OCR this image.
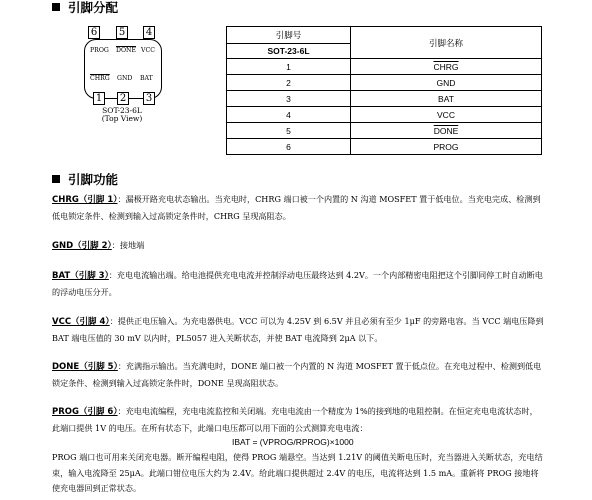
引脚分配
6 5 4
PROG DONE VCC
CHRG GND BAT
1 2 3
SOT-23-6L
(Top View)
引脚号	引脚名称
SOT-23-6L	
1	CHRG
2	GND
3	BAT
4	VCC
5	DONE
6	PROG
引脚功能
CHRG（引脚 1）：漏极开路充电状态输出。当充电时，CHRG 端口被一个内置的 N 沟道 MOSFET 置于低电位。当充电完成、检测到低电锁定条件、检测到输入过高锁定条件时，CHRG 呈现高阻态。
GND（引脚 2）：接地端
BAT（引脚 3）：充电电流输出端。给电池提供充电电流并控制浮动电压最终达到 4.2V。一个内部精密电阻把这个引脚同停工时自动断电的浮动电压分开。
VCC（引脚 4）：提供正电压输入。为充电器供电。VCC 可以为 4.25V 到 6.5V 并且必须有至少 1μF 的旁路电容。当 VCC 端电压降到 BAT 端电压值的 30 mV 以内时，PL5057 进入关断状态，并使 BAT 电流降到 2μA 以下。
DONE（引脚 5）：充满指示输出。当充满电时，DONE 端口被一个内置的 N 沟道 MOSFET 置于低点位。在充电过程中、检测到低电锁定条件、检测到输入过高锁定条件时，DONE 呈现高阻状态。
PROG（引脚 6）：充电电流编程，充电电流监控和关闭端。充电电流由一个精度为 1%的接到地的电阻控制。在恒定充电电流状态时，此端口提供 1V 的电压。在所有状态下，此端口电压都可以用下面的公式测算充电电流：
IBAT = (VPROG/RPROG)×1000
PROG 端口也可用来关闭充电器。断开编程电阻，使得 PROG 端悬空。当达到 1.21V 的阈值关断电压时，充当器进入关断状态，充电结束，输入电流降至 25μA。此端口钳位电压大约为 2.4V。给此端口提供超过 2.4V 的电压，电流将达到 1.5 mA。重新将 PROG 接地将使充电器回到正常状态。
